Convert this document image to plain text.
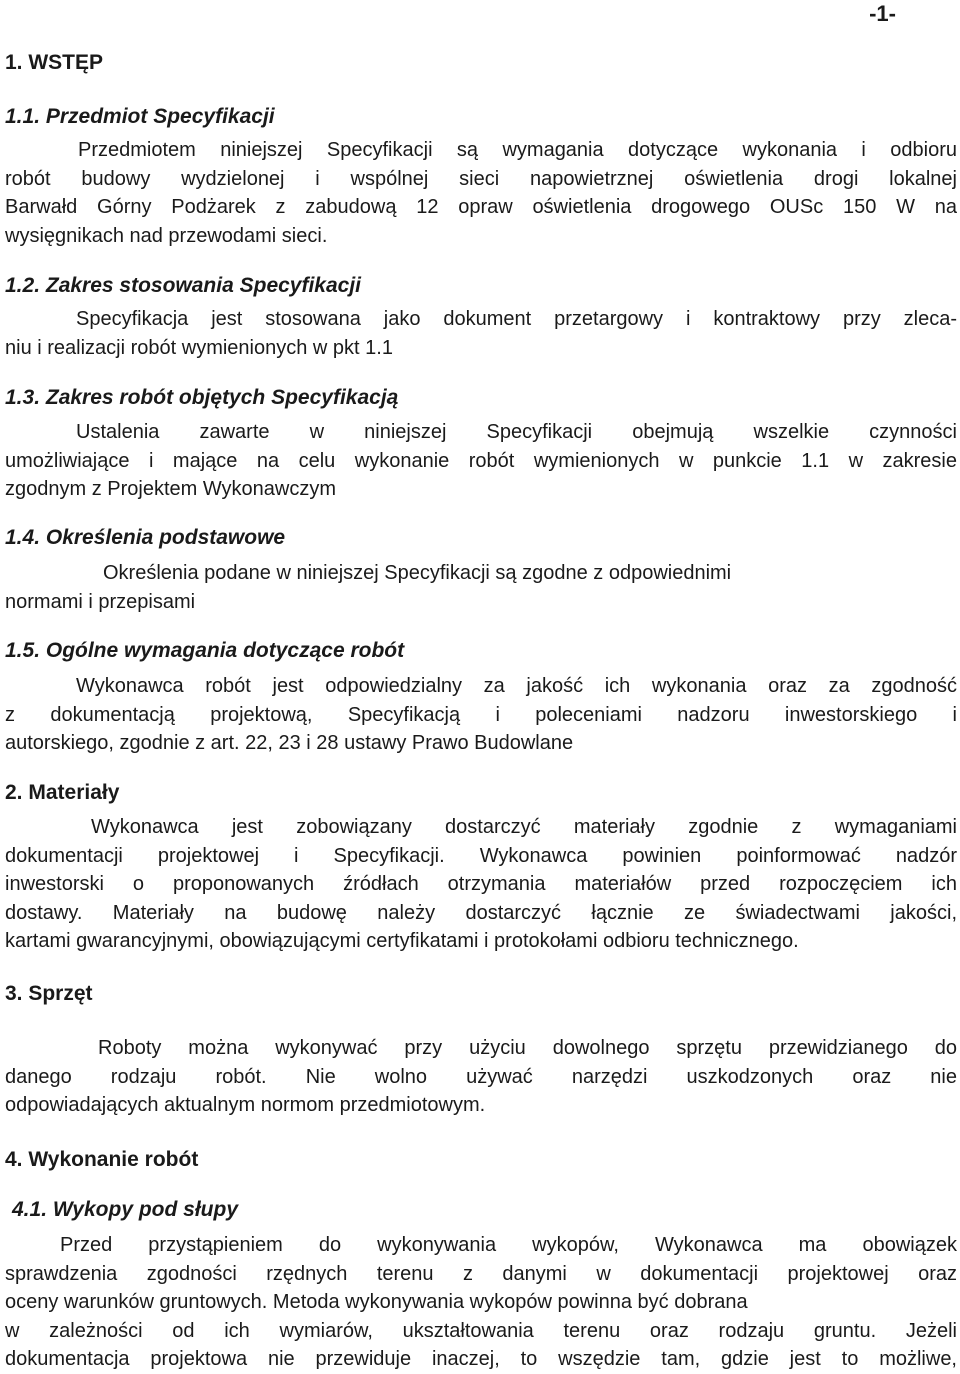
-1-
1. WSTĘP
1.1. Przedmiot Specyfikacji
Przedmiotem niniejszej Specyfikacji są wymagania dotyczące wykonania i odbioru
robót budowy wydzielonej i wspólnej sieci napowietrznej oświetlenia drogi lokalnej
Barwałd Górny Podżarek z zabudową 12 opraw oświetlenia drogowego OUSc 150 W na
wysięgnikach nad przewodami sieci.
1.2. Zakres stosowania Specyfikacji
Specyfikacja jest stosowana jako dokument przetargowy i kontraktowy przy zleca-
niu i realizacji robót wymienionych w pkt 1.1
1.3. Zakres robót objętych Specyfikacją
Ustalenia zawarte w niniejszej Specyfikacji obejmują wszelkie czynności
umożliwiające i mające na celu wykonanie robót wymienionych w punkcie 1.1 w zakresie
zgodnym z Projektem Wykonawczym
1.4. Określenia podstawowe
Określenia podane w niniejszej Specyfikacji są zgodne z odpowiednimi
normami i przepisami
1.5. Ogólne wymagania dotyczące robót
Wykonawca robót jest odpowiedzialny za jakość ich wykonania oraz za zgodność
z dokumentacją projektową, Specyfikacją i poleceniami nadzoru inwestorskiego i
autorskiego, zgodnie z art. 22, 23 i 28 ustawy Prawo Budowlane
2. Materiały
Wykonawca jest zobowiązany dostarczyć materiały zgodnie z wymaganiami
dokumentacji projektowej i Specyfikacji. Wykonawca powinien poinformować nadzór
inwestorski o proponowanych źródłach otrzymania materiałów przed rozpoczęciem ich
dostawy. Materiały na budowę należy dostarczyć łącznie ze świadectwami jakości,
kartami gwarancyjnymi, obowiązującymi certyfikatami i protokołami odbioru technicznego.
3. Sprzęt
Roboty można wykonywać przy użyciu dowolnego sprzętu przewidzianego do
danego rodzaju robót. Nie wolno używać narzędzi uszkodzonych oraz nie
odpowiadających aktualnym normom przedmiotowym.
4. Wykonanie robót
4.1. Wykopy pod słupy
Przed przystąpieniem do wykonywania wykopów, Wykonawca ma obowiązek
sprawdzenia zgodności rzędnych terenu z danymi w dokumentacji projektowej oraz
oceny warunków gruntowych. Metoda wykonywania wykopów powinna być dobrana
w zależności od ich wymiarów, ukształtowania terenu oraz rodzaju gruntu. Jeżeli
dokumentacja projektowa nie przewiduje inaczej, to wszędzie tam, gdzie jest to możliwe,
